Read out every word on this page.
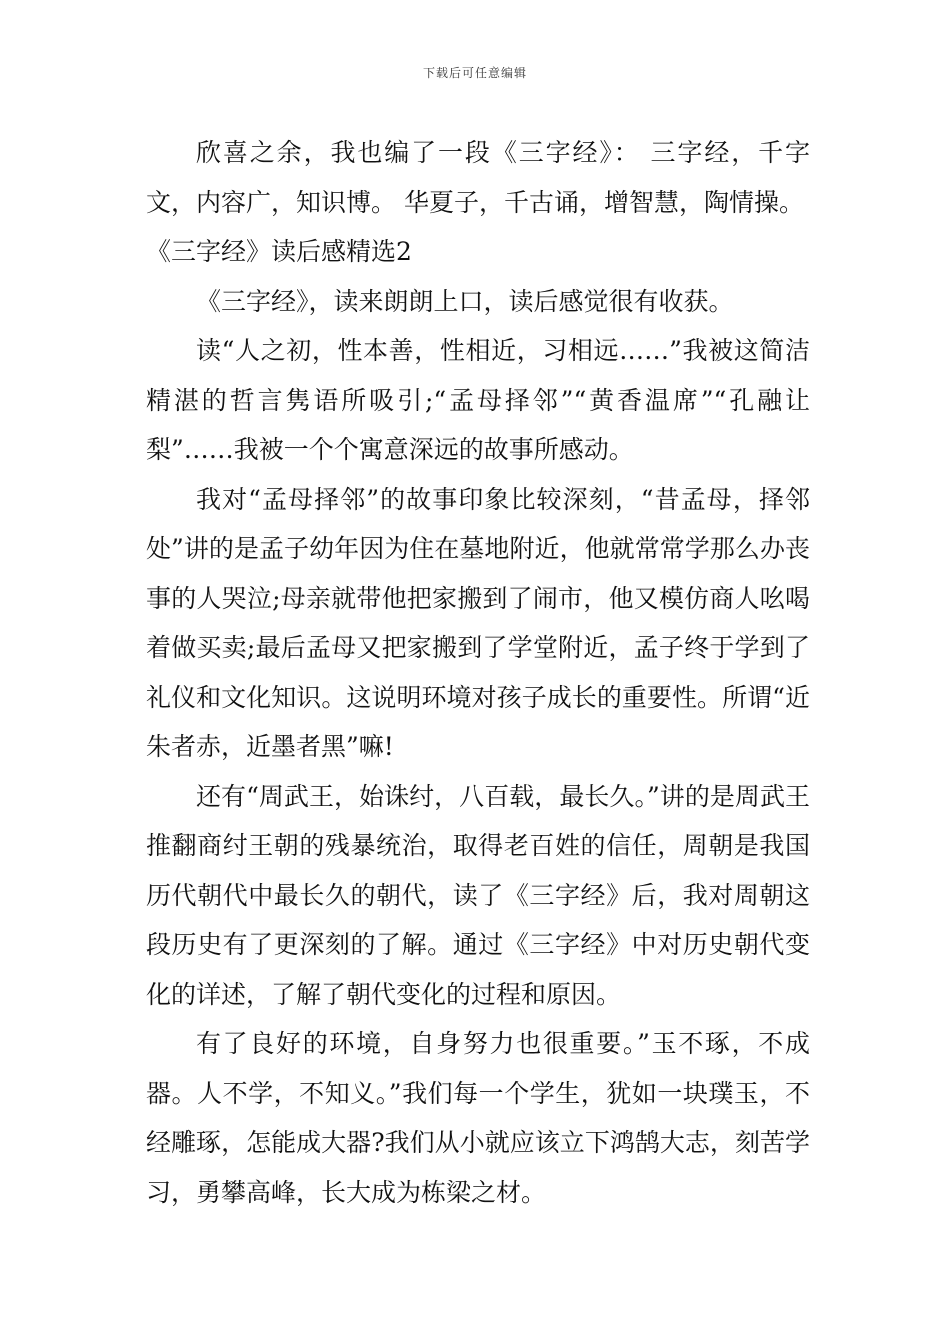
下载后可任意编辑

欣喜之余，我也编了一段《三字经》： 三字经，千字文，内容广，知识博。 华夏子，千古诵，增智慧，陶情操。

《三字经》读后感精选2

《三字经》，读来朗朗上口，读后感觉很有收获。

读“人之初，性本善，性相近，习相远……”我被这简洁精湛的哲言隽语所吸引;“孟母择邻”“黄香温席”“孔融让梨”……我被一个个寓意深远的故事所感动。

我对“孟母择邻”的故事印象比较深刻，“昔孟母，择邻处”讲的是孟子幼年因为住在墓地附近，他就常常学那么办丧事的人哭泣;母亲就带他把家搬到了闹市，他又模仿商人吆喝着做买卖;最后孟母又把家搬到了学堂附近，孟子终于学到了礼仪和文化知识。这说明环境对孩子成长的重要性。所谓“近朱者赤，近墨者黑”嘛!

还有“周武王，始诛纣，八百载，最长久。”讲的是周武王推翻商纣王朝的残暴统治，取得老百姓的信任，周朝是我国历代朝代中最长久的朝代，读了《三字经》后，我对周朝这段历史有了更深刻的了解。通过《三字经》中对历史朝代变化的详述，了解了朝代变化的过程和原因。

有了良好的环境，自身努力也很重要。”玉不琢，不成器。人不学，不知义。”我们每一个学生，犹如一块璞玉，不经雕琢，怎能成大器?我们从小就应该立下鸿鹄大志，刻苦学习，勇攀高峰，长大成为栋梁之材。
